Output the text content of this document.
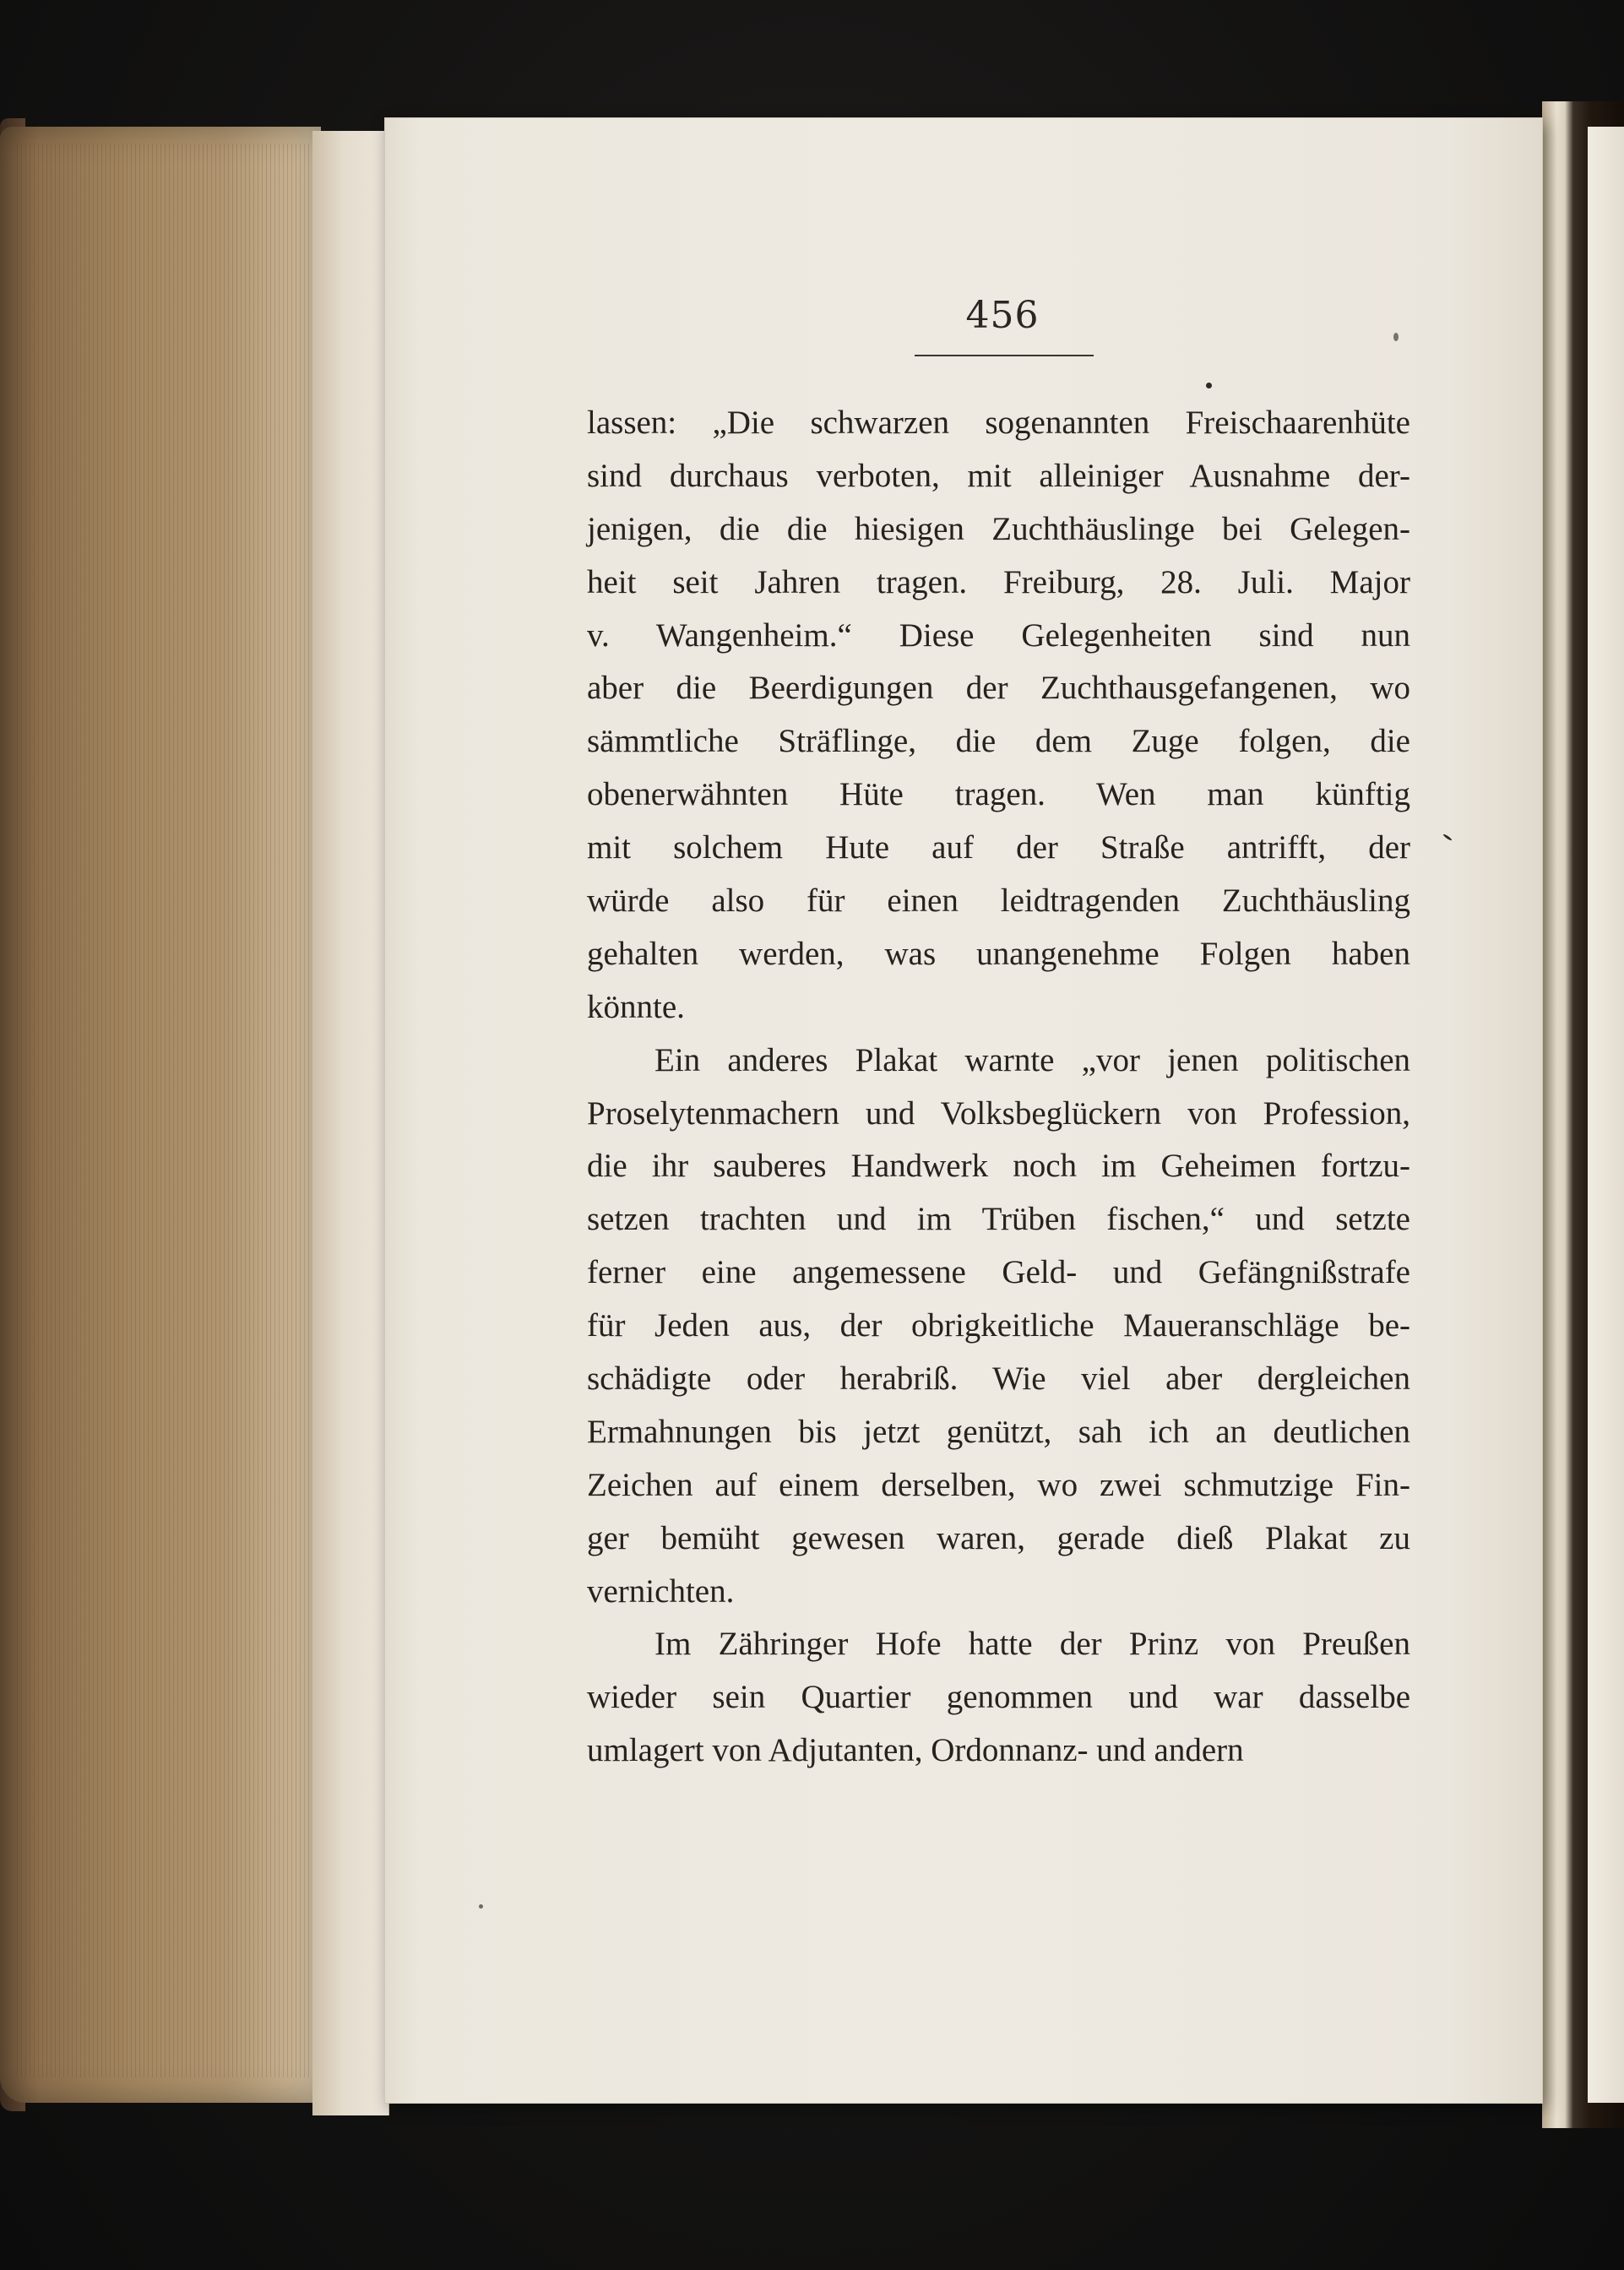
456
lassen: „Die schwarzen sogenannten Freischaarenhüte
sind durchaus verboten, mit alleiniger Ausnahme der-
jenigen, die die hiesigen Zuchthäuslinge bei Gelegen-
heit seit Jahren tragen. Freiburg, 28. Juli. Major
v. Wangenheim.“ Diese Gelegenheiten sind nun
aber die Beerdigungen der Zuchthausgefangenen, wo
sämmtliche Sträflinge, die dem Zuge folgen, die
obenerwähnten Hüte tragen. Wen man künftig
mit solchem Hute auf der Straße antrifft, der
würde also für einen leidtragenden Zuchthäusling
gehalten werden, was unangenehme Folgen haben
könnte.
Ein anderes Plakat warnte „vor jenen politischen
Proselytenmachern und Volksbeglückern von Profession,
die ihr sauberes Handwerk noch im Geheimen fortzu-
setzen trachten und im Trüben fischen,“ und setzte
ferner eine angemessene Geld- und Gefängnißstrafe
für Jeden aus, der obrigkeitliche Maueranschläge be-
schädigte oder herabriß. Wie viel aber dergleichen
Ermahnungen bis jetzt genützt, sah ich an deutlichen
Zeichen auf einem derselben, wo zwei schmutzige Fin-
ger bemüht gewesen waren, gerade dieß Plakat zu
vernichten.
Im Zähringer Hofe hatte der Prinz von Preußen
wieder sein Quartier genommen und war dasselbe
umlagert von Adjutanten, Ordonnanz- und andern
